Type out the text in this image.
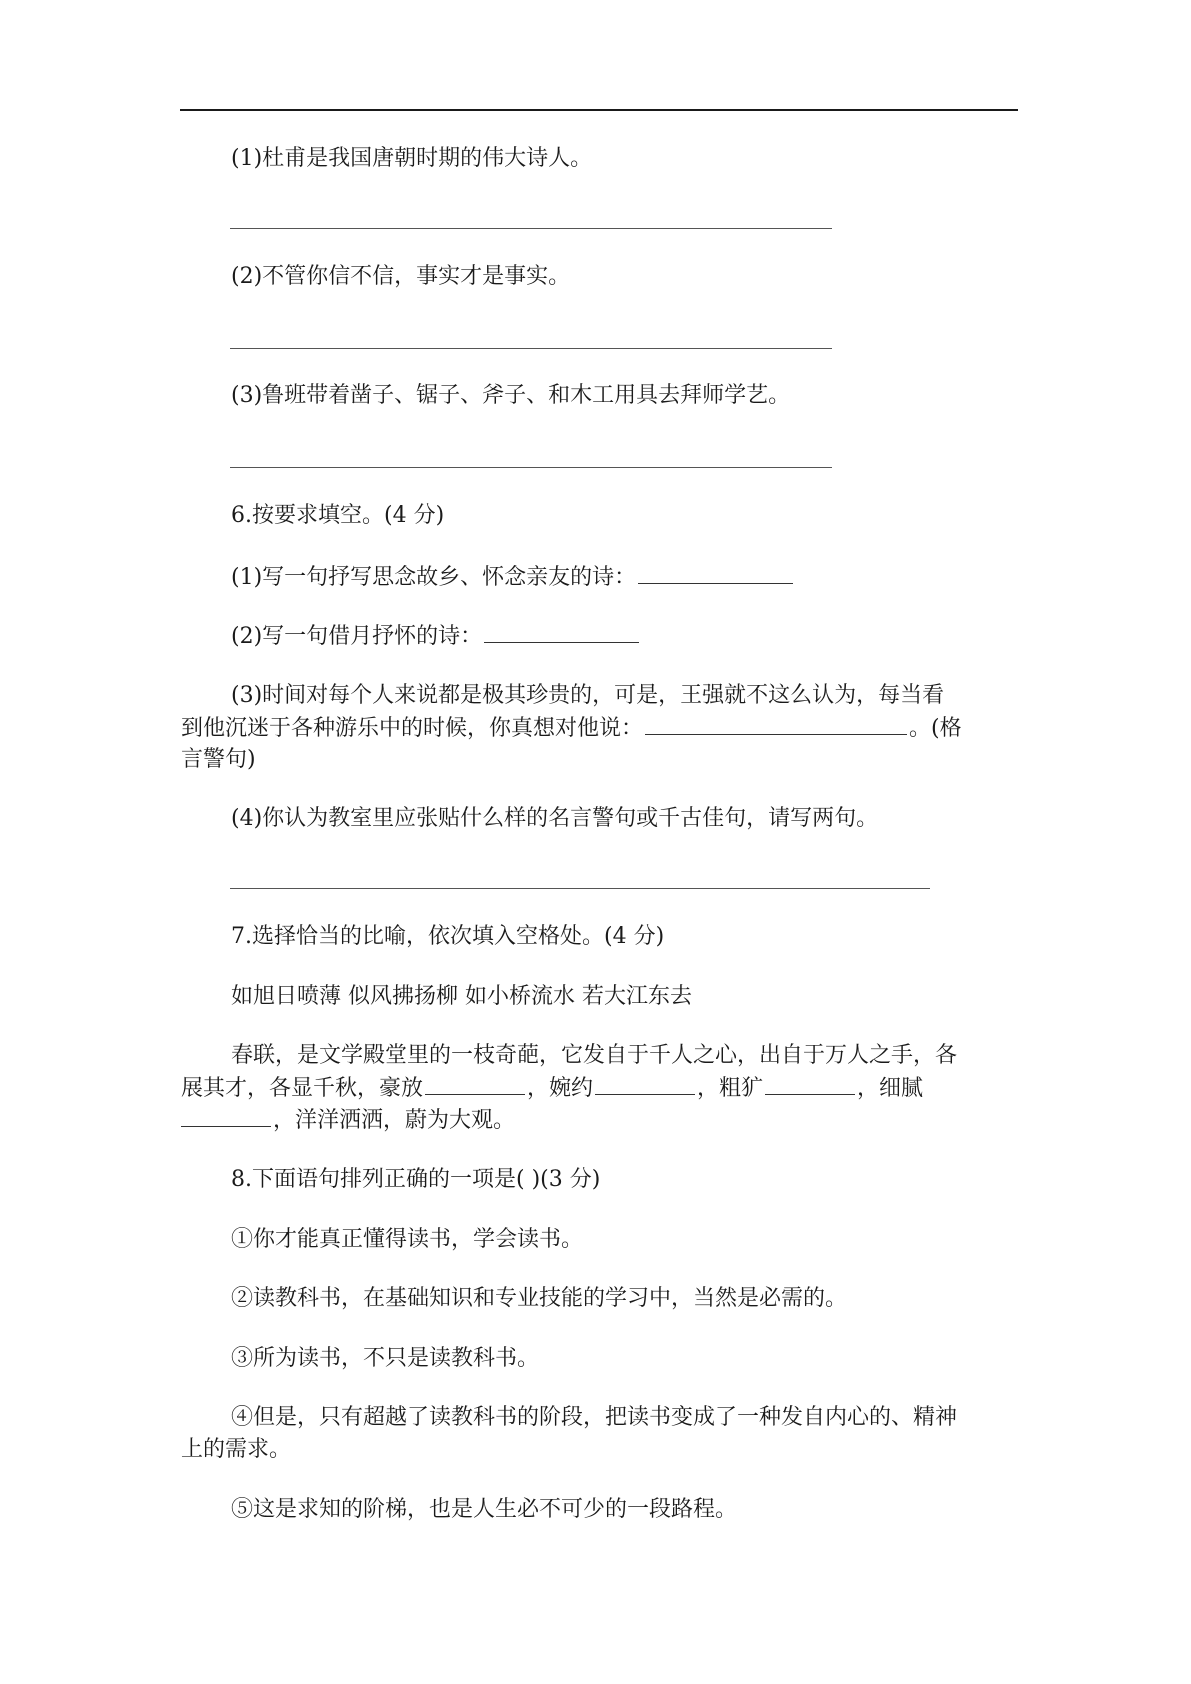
(1)杜甫是我国唐朝时期的伟大诗人。
(2)不管你信不信，事实才是事实。
(3)鲁班带着凿子、锯子、斧子、和木工用具去拜师学艺。
6.按要求填空。(4 分)
(1)写一句抒写思念故乡、怀念亲友的诗：
(2)写一句借月抒怀的诗：
(3)时间对每个人来说都是极其珍贵的，可是，王强就不这么认为，每当看
到他沉迷于各种游乐中的时候，你真想对他说：	。(格
言警句)
(4)你认为教室里应张贴什么样的名言警句或千古佳句，请写两句。
7.选择恰当的比喻，依次填入空格处。(4 分)
如旭日喷薄 似风拂扬柳 如小桥流水 若大江东去
春联，是文学殿堂里的一枝奇葩，它发自于千人之心，出自于万人之手，各
展其才，各显千秋，豪放	，婉约	，粗犷	，细腻
，洋洋洒洒，蔚为大观。
8.下面语句排列正确的一项是( )(3 分)
①你才能真正懂得读书，学会读书。
②读教科书，在基础知识和专业技能的学习中，当然是必需的。
③所为读书，不只是读教科书。
④但是，只有超越了读教科书的阶段，把读书变成了一种发自内心的、精神
上的需求。
⑤这是求知的阶梯，也是人生必不可少的一段路程。
